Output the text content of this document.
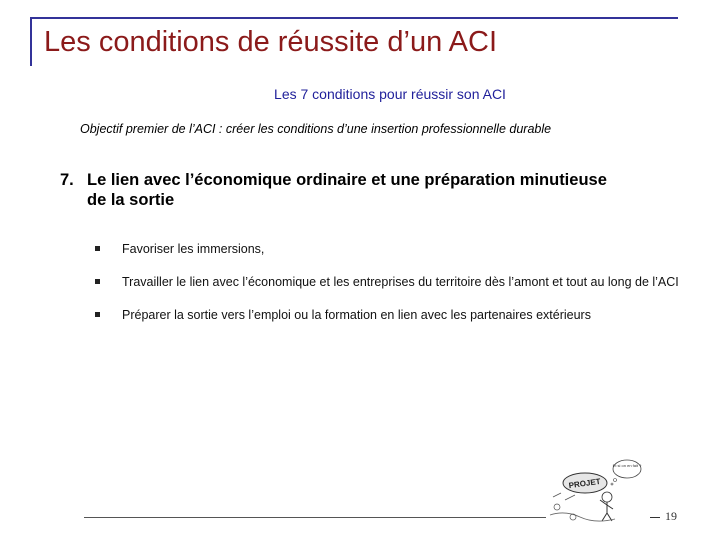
Les conditions de réussite d’un ACI
Les 7 conditions pour réussir son ACI
Objectif premier de l’ACI : créer les conditions d’une insertion professionnelle durable
7. Le lien avec l’économique ordinaire et une préparation minutieuse
de la sortie
Favoriser les immersions,
Travailler le lien avec l’économique et les entreprises du territoire dès l’amont et tout au long de l’ACI
Préparer la sortie vers l’emploi ou la formation en lien avec les partenaires extérieurs
Et si on en fait ?
PROJET
19
